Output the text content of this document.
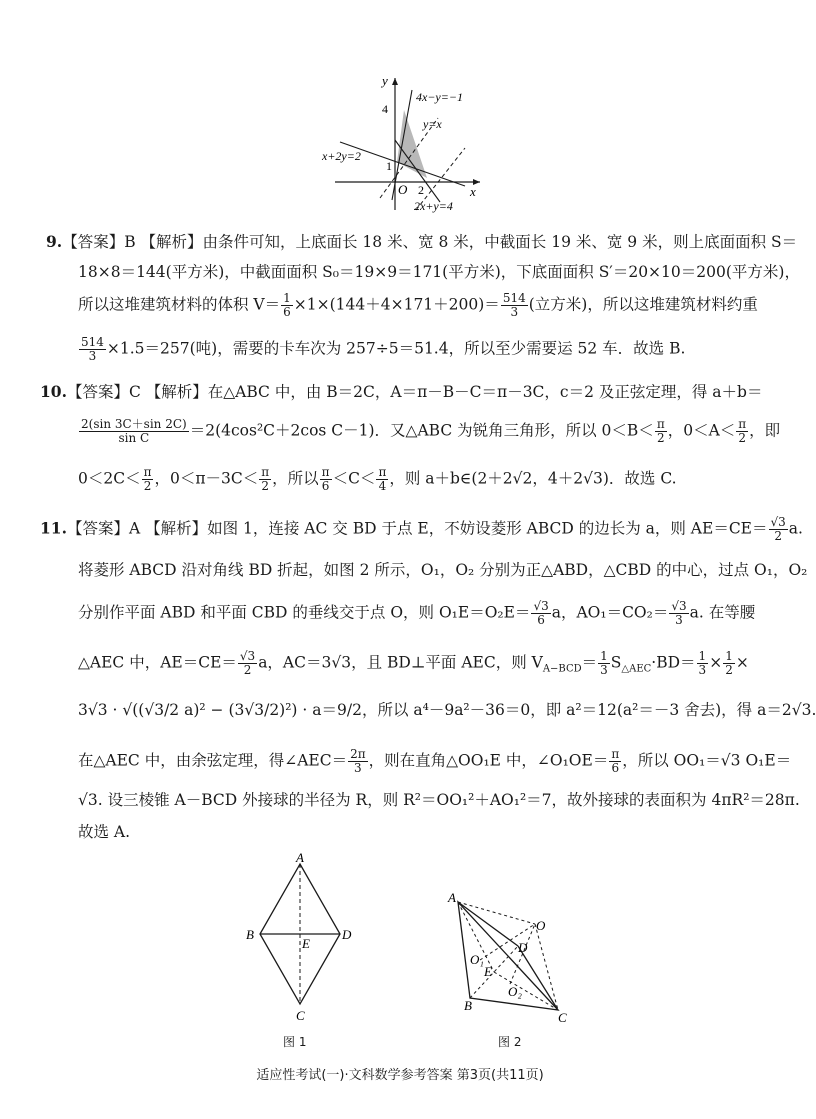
y
x
O
4
1
2
4x−y=−1
y=x
x+2y=2
2x+y=4
9.【答案】B 【解析】由条件可知，上底面长 18 米、宽 8 米，中截面长 19 米、宽 9 米，则上底面面积 S＝
18×8＝144(平方米)，中截面面积 S₀＝19×9＝171(平方米)，下底面面积 S′＝20×10＝200(平方米)，
所以这堆建筑材料的体积 $V= \frac{1}{6} \times 1\times(144+4\times 171+200)= \frac{514}{3}$ (立方米)，所以这堆建筑材料约重
$\frac{514}{3} \times 1.5=257$(吨)，需要的卡车次为 257÷5＝51.4，所以至少需要运 52 车．故选 B.
10.【答案】C 【解析】在△ABC 中，由 B＝2C，A＝π－B－C＝π－3C，c＝2 及正弦定理，得 a＋b＝
$\frac{2(\sin 3C+\sin 2C)}{\text{sin C}} =2(4\cos^2C+2\cos$ C－1)．又△ABC 为锐角三角形，所以 $0<B< \frac{\pi}{2}$ ，$0<A< \frac{\pi}{2}$ ，即
$0<2C< \frac{\pi}{2}$ ，$0<\pi-3C< \frac{\pi}{2}$ ，所以 $\frac{\pi}{6} <C< \frac{\pi}{4}$ ，则 a＋b∈(2＋2√2，4＋2√3)．故选 C.
11.【答案】A 【解析】如图 1，连接 AC 交 BD 于点 E，不妨设菱形 ABCD 的边长为 a，则 $AE=CE= \frac{√3}{2} a$.
将菱形 ABCD 沿对角线 BD 折起，如图 2 所示，O₁，O₂ 分别为正△ABD，△CBD 的中心，过点 O₁，O₂
分别作平面 ABD 和平面 CBD 的垂线交于点 O，则 $O_1E=O_2E= \frac{√3}{6}$ a，$AO_1=CO_2= \frac{√3}{3} a$. 在等腰
△AEC 中，$AE=CE= \frac{√3}{2}$ a，AC＝3√3，且 BD⊥平面 AEC，则 $V_{A-BCD}= \frac{1}{3} S_{\triangle AEC}\cdot BD= \frac{1}{3} \times \frac{1}{2}$ ×
3√3 · √((√3/2 a)² − (3√3/2)²) · a＝9/2，所以 a⁴－9a²－36＝0，即 a²＝12(a²＝－3 舍去)，得 a＝2√3.
在△AEC 中，由余弦定理，得∠AEC＝ $\frac{2\pi}{3}$ ，则在直角△OO₁E 中，∠O₁OE＝ $\frac{\pi}{6}$ ，所以 OO₁＝√3 O₁E＝
√3. 设三棱锥 A－BCD 外接球的半径为 R，则 R²＝OO₁²＋AO₁²＝7，故外接球的表面积为 4πR²＝28π.
故选 A.
A
B	D
E
C
图 1
A
O
D
O₁
E
O₂
B
C
图 2
适应性考试(一)·文科数学参考答案 第3页(共11页)
